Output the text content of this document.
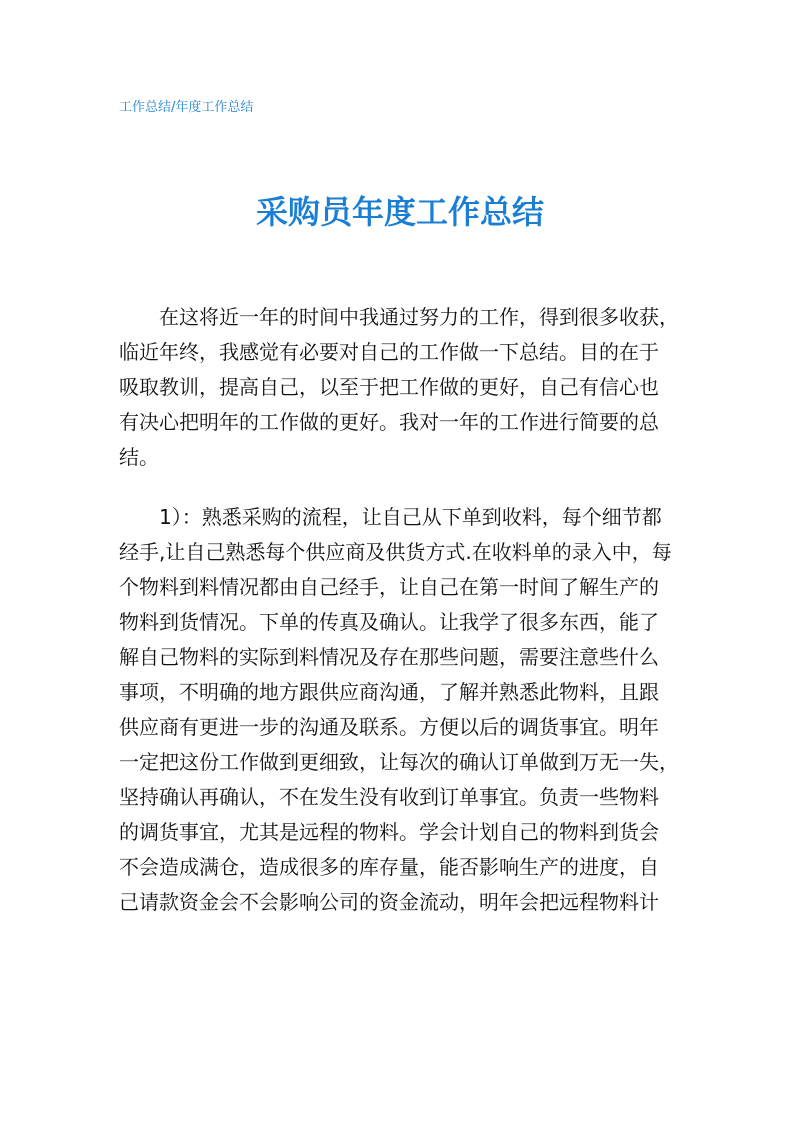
工作总结/年度工作总结
采购员年度工作总结
在这将近一年的时间中我通过努力的工作，得到很多收获，
临近年终，我感觉有必要对自己的工作做一下总结。目的在于
吸取教训，提高自己，以至于把工作做的更好，自己有信心也
有决心把明年的工作做的更好。我对一年的工作进行简要的总
结。
1）：熟悉采购的流程，让自己从下单到收料，每个细节都
经手,让自己熟悉每个供应商及供货方式.在收料单的录入中，每
个物料到料情况都由自己经手，让自己在第一时间了解生产的
物料到货情况。下单的传真及确认。让我学了很多东西，能了
解自己物料的实际到料情况及存在那些问题，需要注意些什么
事项，不明确的地方跟供应商沟通，了解并熟悉此物料，且跟
供应商有更进一步的沟通及联系。方便以后的调货事宜。明年
一定把这份工作做到更细致，让每次的确认订单做到万无一失，
坚持确认再确认，不在发生没有收到订单事宜。负责一些物料
的调货事宜，尤其是远程的物料。学会计划自己的物料到货会
不会造成满仓，造成很多的库存量，能否影响生产的进度，自
己请款资金会不会影响公司的资金流动，明年会把远程物料计
